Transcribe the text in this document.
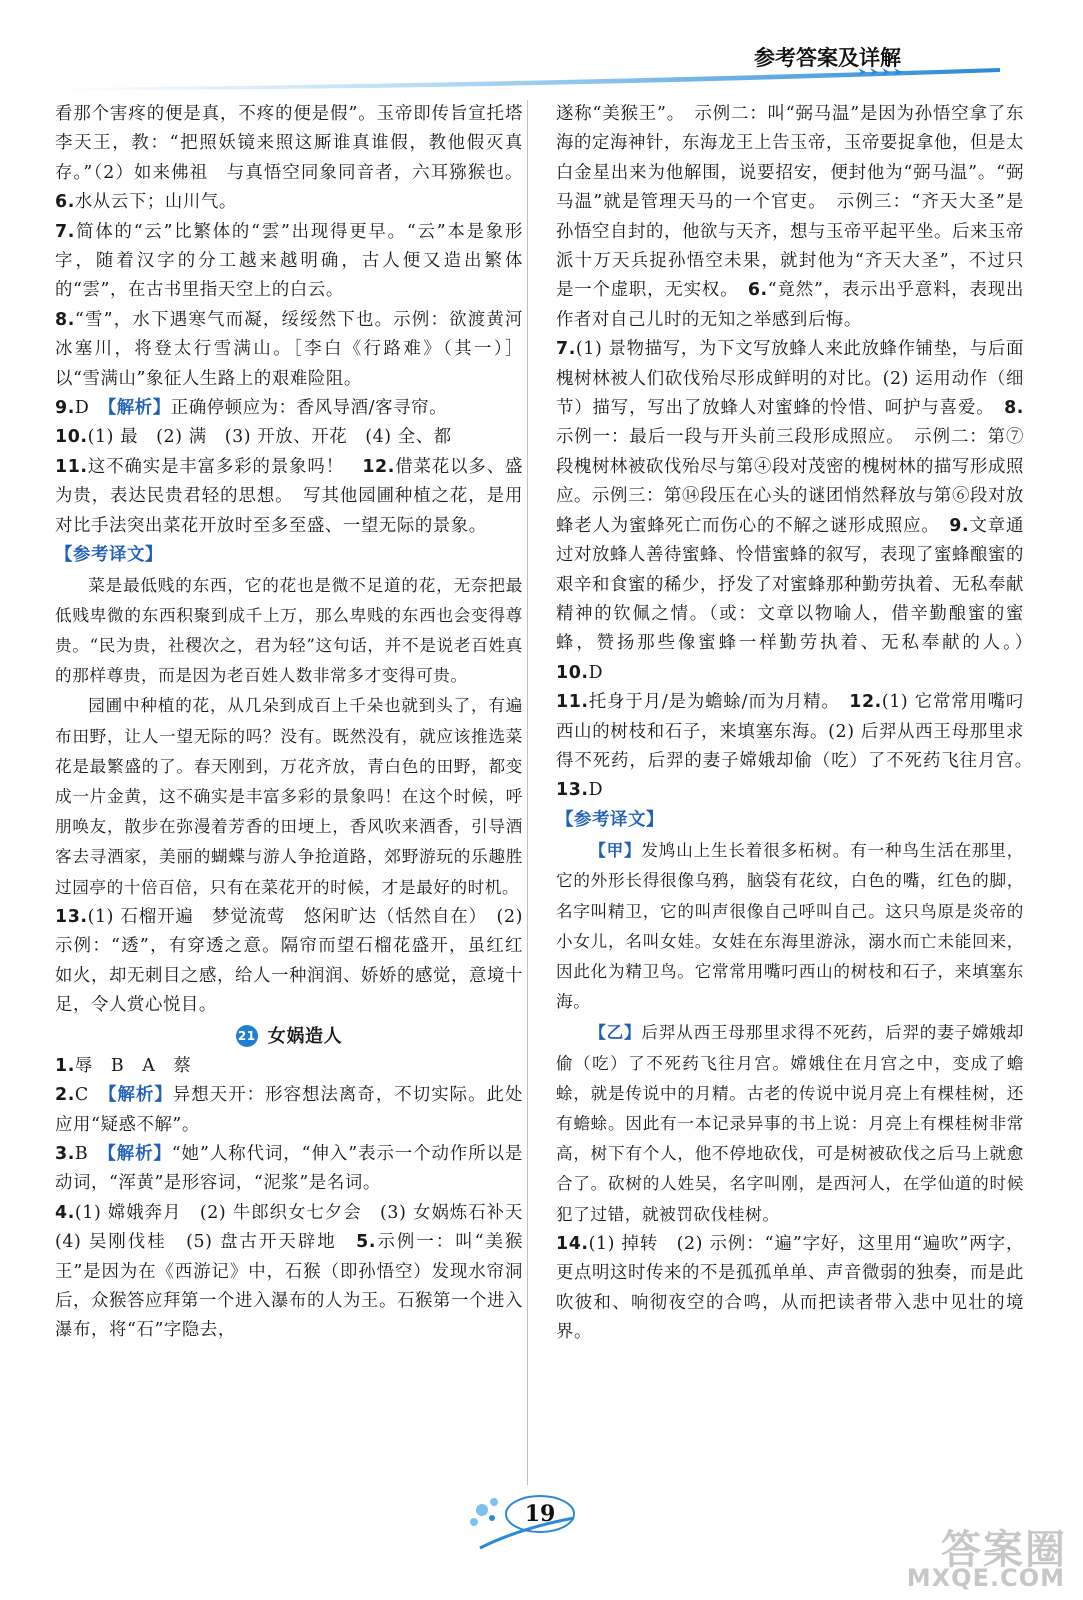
参考答案及详解

看那个害疼的便是真，不疼的便是假”。玉帝即传旨宣托塔李天王，教：“把照妖镜来照这厮谁真谁假，教他假灭真存。”（2）如来佛祖　与真悟空同象同音者，六耳猕猴也。6.水从云下；山川气。

7.简体的“云”比繁体的“雲”出现得更早。“云”本是象形字，随着汉字的分工越来越明确，古人便又造出繁体的“雲”，在古书里指天空上的白云。

8.“雪”，水下遇寒气而凝，绥绥然下也。示例：欲渡黄河冰塞川，将登太行雪满山。［李白《行路难》（其一）］以“雪满山”象征人生路上的艰难险阻。

9.D　 【解析】正确停顿应为：香风导酒/客寻帘。

10.(1) 最　(2) 满　(3) 开放、开花　(4) 全、都

11.这不确实是丰富多彩的景象吗！　 12.借菜花以多、盛为贵，表达民贵君轻的思想。　写其他园圃种植之花，是用对比手法突出菜花开放时至多至盛、一望无际的景象。

【参考译文】

菜是最低贱的东西，它的花也是微不足道的花，无奈把最低贱卑微的东西积聚到成千上万，那么卑贱的东西也会变得尊贵。“民为贵，社稷次之，君为轻”这句话，并不是说老百姓真的那样尊贵，而是因为老百姓人数非常多才变得可贵。

园圃中种植的花，从几朵到成百上千朵也就到头了，有遍布田野，让人一望无际的吗？没有。既然没有，就应该推选菜花是最繁盛的了。春天刚到，万花齐放，青白色的田野，都变成一片金黄，这不确实是丰富多彩的景象吗！在这个时候，呼朋唤友，散步在弥漫着芳香的田埂上，香风吹来酒香，引导酒客去寻酒家，美丽的蝴蝶与游人争抢道路，郊野游玩的乐趣胜过园亭的十倍百倍，只有在菜花开的时候，才是最好的时机。

13.(1) 石榴开遍　梦觉流莺　悠闲旷达（恬然自在）　(2) 示例：“透”，有穿透之意。隔帘而望石榴花盛开，虽红红如火，却无刺目之感，给人一种润润、娇娇的感觉，意境十足，令人赏心悦目。

21 女娲造人

1.辱　B　A　蔡

2.C　 【解析】异想天开：形容想法离奇，不切实际。此处应用“疑惑不解”。

3.B　 【解析】“她”人称代词，“伸入”表示一个动作所以是动词，“浑黄”是形容词，“泥浆”是名词。

4.(1) 嫦娥奔月　(2) 牛郎织女七夕会　(3) 女娲炼石补天　(4) 吴刚伐桂　(5) 盘古开天辟地　 5.示例一：叫“美猴王”是因为在《西游记》中，石猴（即孙悟空）发现水帘洞后，众猴答应拜第一个进入瀑布的人为王。石猴第一个进入瀑布，将“石”字隐去，

遂称“美猴王”。　示例二：叫“弼马温”是因为孙悟空拿了东海的定海神针，东海龙王上告玉帝，玉帝要捉拿他，但是太白金星出来为他解围，说要招安，便封他为“弼马温”。“弼马温”就是管理天马的一个官吏。　示例三：“齐天大圣”是孙悟空自封的，他欲与天齐，想与玉帝平起平坐。后来玉帝派十万天兵捉孙悟空未果，就封他为“齐天大圣”，不过只是一个虚职，无实权。　 6.“竟然”，表示出乎意料，表现出作者对自己儿时的无知之举感到后悔。

7.(1) 景物描写，为下文写放蜂人来此放蜂作铺垫，与后面槐树林被人们砍伐殆尽形成鲜明的对比。(2) 运用动作（细节）描写，写出了放蜂人对蜜蜂的怜惜、呵护与喜爱。　 8.示例一：最后一段与开头前三段形成照应。　示例二：第⑦段槐树林被砍伐殆尽与第④段对茂密的槐树林的描写形成照应。示例三：第⑭段压在心头的谜团悄然释放与第⑥段对放蜂老人为蜜蜂死亡而伤心的不解之谜形成照应。　 9.文章通过对放蜂人善待蜜蜂、怜惜蜜蜂的叙写，表现了蜜蜂酿蜜的艰辛和食蜜的稀少，抒发了对蜜蜂那种勤劳执着、无私奉献精神的钦佩之情。（或：文章以物喻人，借辛勤酿蜜的蜜蜂，赞扬那些像蜜蜂一样勤劳执着、无私奉献的人。）　10.D

11.托身于月/是为蟾蜍/而为月精。　 12.(1) 它常常用嘴叼西山的树枝和石子，来填塞东海。(2) 后羿从西王母那里求得不死药，后羿的妻子嫦娥却偷（吃）了不死药飞往月宫。　13.D

【参考译文】

【甲】发鸠山上生长着很多柘树。有一种鸟生活在那里，它的外形长得很像乌鸦，脑袋有花纹，白色的嘴，红色的脚，名字叫精卫，它的叫声很像自己呼叫自己。这只鸟原是炎帝的小女儿，名叫女娃。女娃在东海里游泳，溺水而亡未能回来，因此化为精卫鸟。它常常用嘴叼西山的树枝和石子，来填塞东海。

【乙】后羿从西王母那里求得不死药，后羿的妻子嫦娥却偷（吃）了不死药飞往月宫。嫦娥住在月宫之中，变成了蟾蜍，就是传说中的月精。古老的传说中说月亮上有棵桂树，还有蟾蜍。因此有一本记录异事的书上说：月亮上有棵桂树非常高，树下有个人，他不停地砍伐，可是树被砍伐之后马上就愈合了。砍树的人姓吴，名字叫刚，是西河人，在学仙道的时候犯了过错，就被罚砍伐桂树。

14.(1) 掉转　(2) 示例：“遍”字好，这里用“遍吹”两字，更点明这时传来的不是孤孤单单、声音微弱的独奏，而是此吹彼和、响彻夜空的合鸣，从而把读者带入悲中见壮的境界。

19
答案圈
MXQE.COM
